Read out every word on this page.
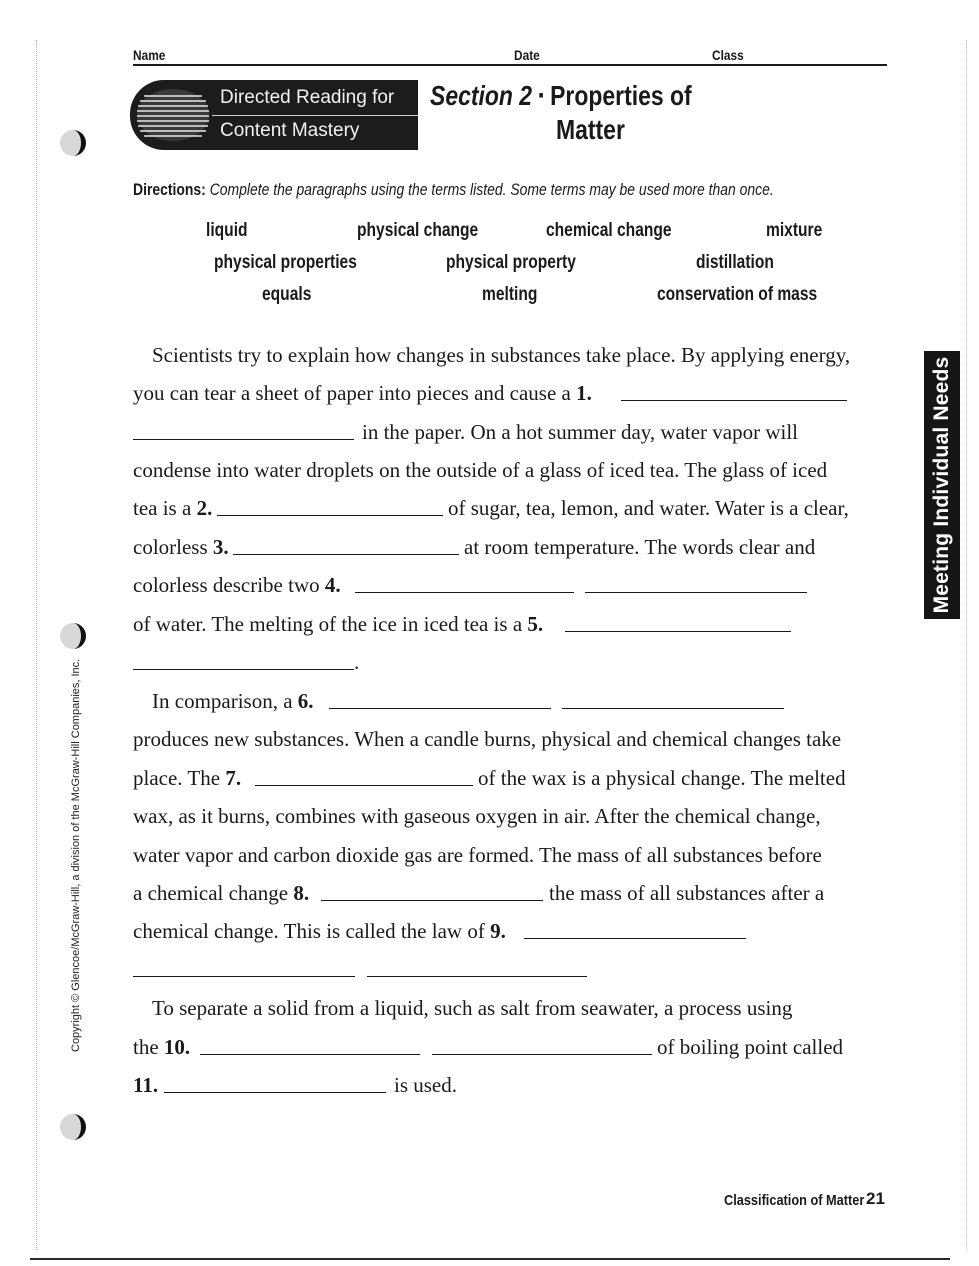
Name	Date	Class
Directed Reading for
Content Mastery
Section 2 ▪ Properties of
Matter
Directions: Complete the paragraphs using the terms listed. Some terms may be used more than once.
liquid	physical change	chemical change	mixture
physical properties	physical property	distillation
equals	melting	conservation of mass
Scientists try to explain how changes in substances take place. By applying energy,
you can tear a sheet of paper into pieces and cause a 1.
in the paper. On a hot summer day, water vapor will
condense into water droplets on the outside of a glass of iced tea. The glass of iced
tea is a 2.	of sugar, tea, lemon, and water. Water is a clear,
colorless 3.	at room temperature. The words clear and
colorless describe two 4.
of water. The melting of the ice in iced tea is a 5.
.
In comparison, a 6.
produces new substances. When a candle burns, physical and chemical changes take
place. The 7.	of the wax is a physical change. The melted
wax, as it burns, combines with gaseous oxygen in air. After the chemical change,
water vapor and carbon dioxide gas are formed. The mass of all substances before
a chemical change 8.	the mass of all substances after a
chemical change. This is called the law of 9.
To separate a solid from a liquid, such as salt from seawater, a process using
the 10.	of boiling point called
11.	is used.
Meeting Individual Needs
Copyright © Glencoe/McGraw-Hill, a division of the McGraw-Hill Companies, Inc.
Classification of Matter 21
